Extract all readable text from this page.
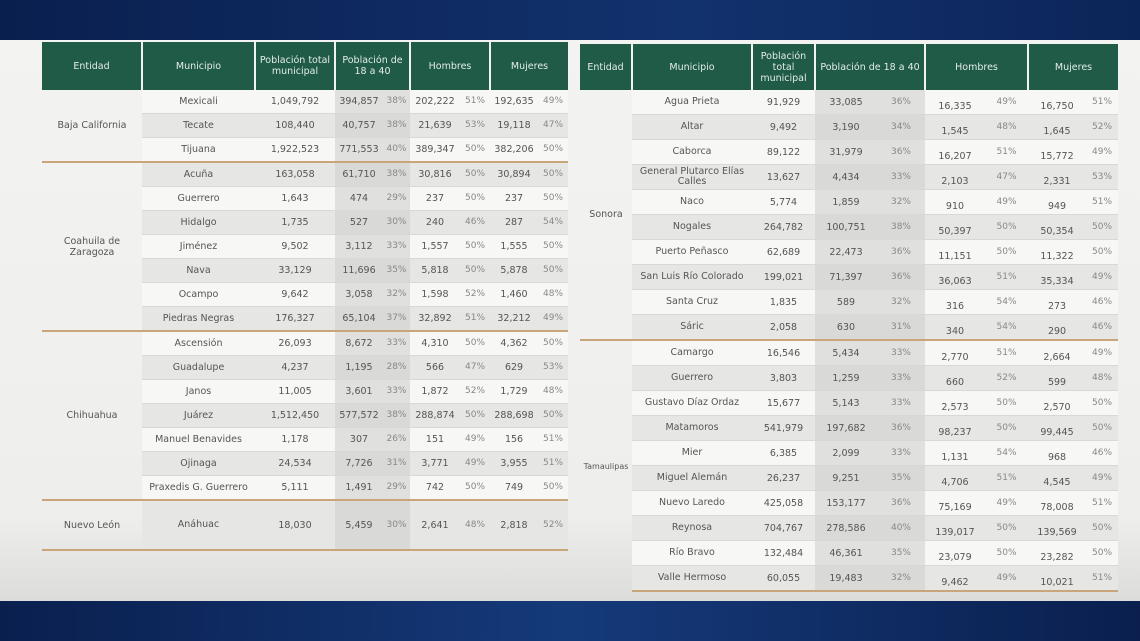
Entidad	Municipio	Población total municipal	Población de 18 a 40		Hombres		Mujeres	
Baja California	Mexicali	1,049,792	394,857	38%	202,222	51%	192,635	49%
	Tecate	108,440	40,757	38%	21,639	53%	19,118	47%
	Tijuana	1,922,523	771,553	40%	389,347	50%	382,206	50%
Coahuila de Zaragoza	Acuña	163,058	61,710	38%	30,816	50%	30,894	50%
	Guerrero	1,643	474	29%	237	50%	237	50%
	Hidalgo	1,735	527	30%	240	46%	287	54%
	Jiménez	9,502	3,112	33%	1,557	50%	1,555	50%
	Nava	33,129	11,696	35%	5,818	50%	5,878	50%
	Ocampo	9,642	3,058	32%	1,598	52%	1,460	48%
	Piedras Negras	176,327	65,104	37%	32,892	51%	32,212	49%
Chihuahua	Ascensión	26,093	8,672	33%	4,310	50%	4,362	50%
	Guadalupe	4,237	1,195	28%	566	47%	629	53%
	Janos	11,005	3,601	33%	1,872	52%	1,729	48%
	Juárez	1,512,450	577,572	38%	288,874	50%	288,698	50%
	Manuel Benavides	1,178	307	26%	151	49%	156	51%
	Ojinaga	24,534	7,726	31%	3,771	49%	3,955	51%
	Praxedis G. Guerrero	5,111	1,491	29%	742	50%	749	50%
Nuevo León	Anáhuac	18,030	5,459	30%	2,641	48%	2,818	52%
Entidad	Municipio	Población total municipal	Población de 18 a 40		Hombres		Mujeres	
Sonora	Agua Prieta	91,929	33,085	36%	16,335	49%	16,750	51%
	Altar	9,492	3,190	34%	1,545	48%	1,645	52%
	Caborca	89,122	31,979	36%	16,207	51%	15,772	49%
	General Plutarco Elías Calles	13,627	4,434	33%	2,103	47%	2,331	53%
	Naco	5,774	1,859	32%	910	49%	949	51%
	Nogales	264,782	100,751	38%	50,397	50%	50,354	50%
	Puerto Peñasco	62,689	22,473	36%	11,151	50%	11,322	50%
	San Luis Río Colorado	199,021	71,397	36%	36,063	51%	35,334	49%
	Santa Cruz	1,835	589	32%	316	54%	273	46%
	Sáric	2,058	630	31%	340	54%	290	46%
Tamaulipas	Camargo	16,546	5,434	33%	2,770	51%	2,664	49%
	Guerrero	3,803	1,259	33%	660	52%	599	48%
	Gustavo Díaz Ordaz	15,677	5,143	33%	2,573	50%	2,570	50%
	Matamoros	541,979	197,682	36%	98,237	50%	99,445	50%
	Mier	6,385	2,099	33%	1,131	54%	968	46%
	Miguel Alemán	26,237	9,251	35%	4,706	51%	4,545	49%
	Nuevo Laredo	425,058	153,177	36%	75,169	49%	78,008	51%
	Reynosa	704,767	278,586	40%	139,017	50%	139,569	50%
	Río Bravo	132,484	46,361	35%	23,079	50%	23,282	50%
	Valle Hermoso	60,055	19,483	32%	9,462	49%	10,021	51%
